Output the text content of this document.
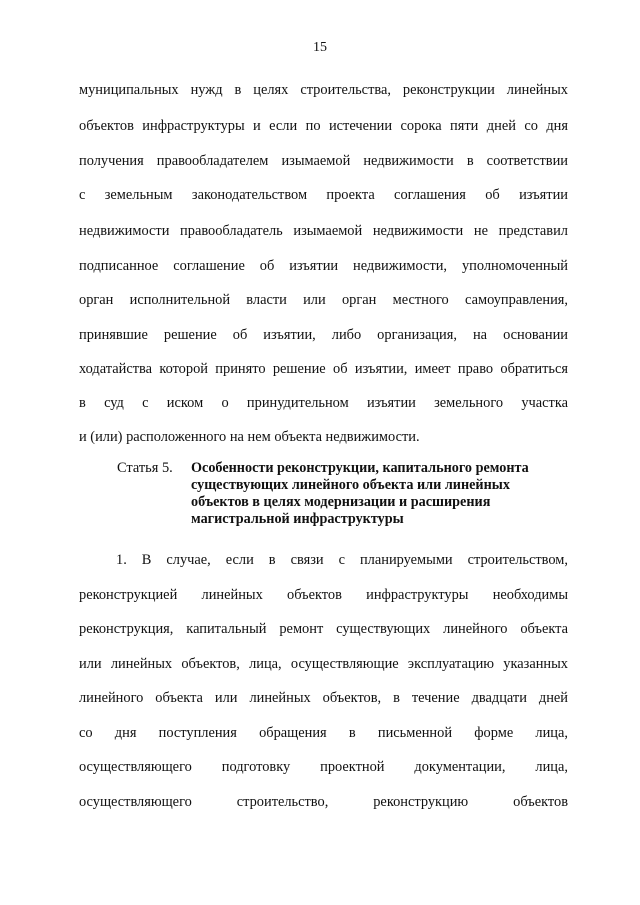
15
муниципальных нужд в целях строительства, реконструкции линейных
объектов инфраструктуры и если по истечении сорока пяти дней со дня
получения правообладателем изымаемой недвижимости в соответствии
с земельным законодательством проекта соглашения об изъятии
недвижимости правообладатель изымаемой недвижимости не представил
подписанное соглашение об изъятии недвижимости, уполномоченный
орган исполнительной власти или орган местного самоуправления,
принявшие решение об изъятии, либо организация, на основании
ходатайства которой принято решение об изъятии, имеет право обратиться
в суд с иском о принудительном изъятии земельного участка
и (или) расположенного на нем объекта недвижимости.
Статья 5. Особенности реконструкции, капитального ремонта
существующих линейного объекта или линейных
объектов в целях модернизации и расширения
магистральной инфраструктуры
1. В случае, если в связи с планируемыми строительством,
реконструкцией линейных объектов инфраструктуры необходимы
реконструкция, капитальный ремонт существующих линейного объекта
или линейных объектов, лица, осуществляющие эксплуатацию указанных
линейного объекта или линейных объектов, в течение двадцати дней
со дня поступления обращения в письменной форме лица,
осуществляющего подготовку проектной документации, лица,
осуществляющего строительство, реконструкцию объектов
